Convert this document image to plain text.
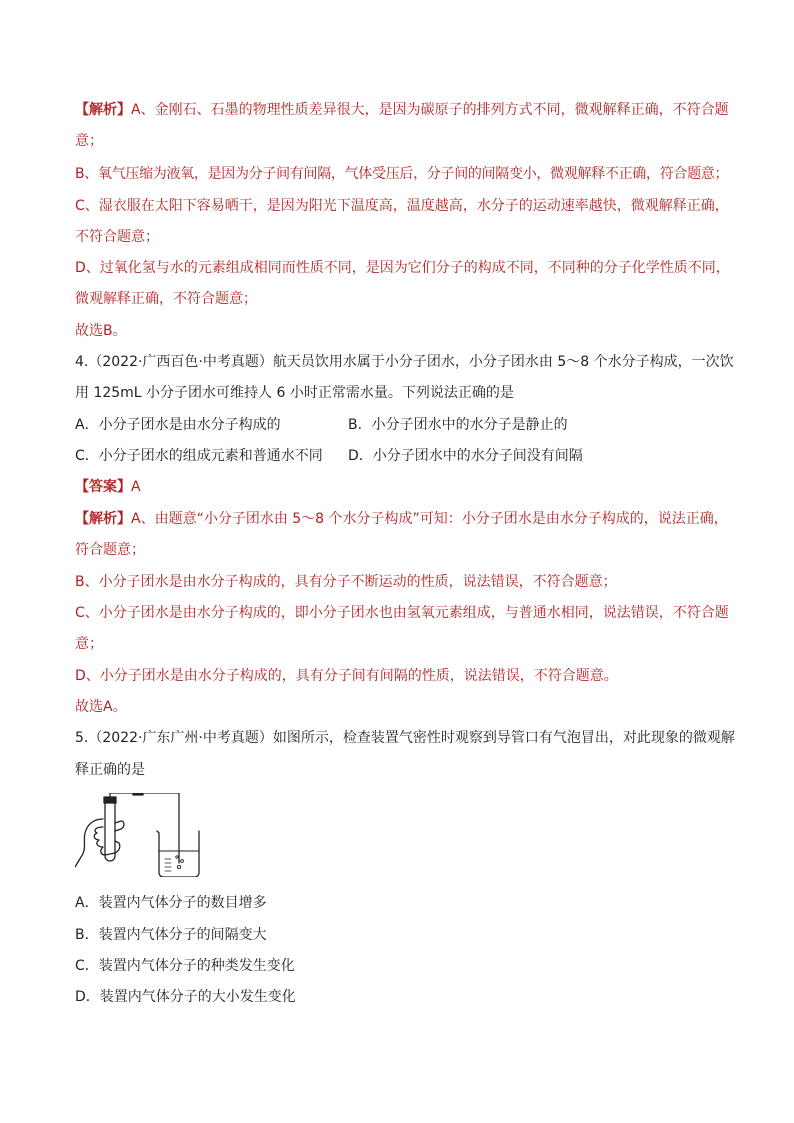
【解析】A、金刚石、石墨的物理性质差异很大，是因为碳原子的排列方式不同，微观解释正确，不符合题
意；
B、氧气压缩为液氧，是因为分子间有间隔，气体受压后，分子间的间隔变小，微观解释不正确，符合题意；
C、湿衣服在太阳下容易晒干，是因为阳光下温度高，温度越高，水分子的运动速率越快，微观解释正确，
不符合题意；
D、过氧化氢与水的元素组成相同而性质不同，是因为它们分子的构成不同，不同种的分子化学性质不同，
微观解释正确，不符合题意；
故选B。
4.（2022·广西百色·中考真题）航天员饮用水属于小分子团水，小分子团水由 5～8 个水分子构成，一次饮
用 125mL 小分子团水可维持人 6 小时正常需水量。下列说法正确的是
A．小分子团水是由水分子构成的	B．小分子团水中的水分子是静止的
C．小分子团水的组成元素和普通水不同 D．小分子团水中的水分子间没有间隔
【答案】A
【解析】A、由题意“小分子团水由 5～8 个水分子构成”可知：小分子团水是由水分子构成的，说法正确，
符合题意；
B、小分子团水是由水分子构成的，具有分子不断运动的性质，说法错误，不符合题意；
C、小分子团水是由水分子构成的，即小分子团水也由氢氧元素组成，与普通水相同，说法错误，不符合题
意；
D、小分子团水是由水分子构成的，具有分子间有间隔的性质，说法错误，不符合题意。
故选A。
5.（2022·广东广州·中考真题）如图所示，检查装置气密性时观察到导管口有气泡冒出，对此现象的微观解
释正确的是
A．装置内气体分子的数目增多
B．装置内气体分子的间隔变大
C．装置内气体分子的种类发生变化
D．装置内气体分子的大小发生变化
